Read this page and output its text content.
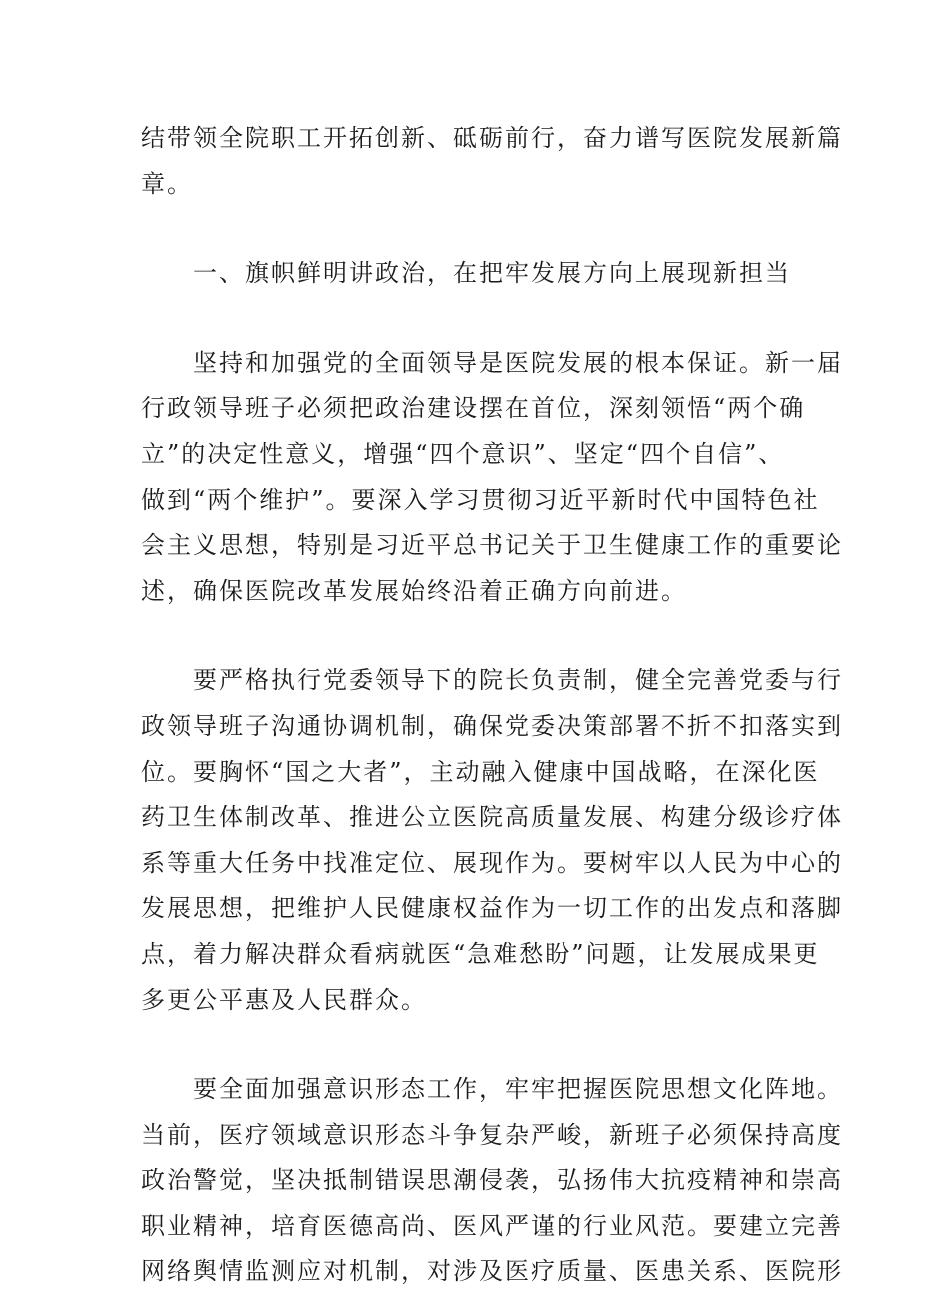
结带领全院职工开拓创新、砥砺前行，奋力谱写医院发展新篇
章。
一、旗帜鲜明讲政治，在把牢发展方向上展现新担当
坚持和加强党的全面领导是医院发展的根本保证。新一届
行政领导班子必须把政治建设摆在首位，深刻领悟“两个确
立”的决定性意义，增强“四个意识”、坚定“四个自信”、
做到“两个维护”。要深入学习贯彻习近平新时代中国特色社
会主义思想，特别是习近平总书记关于卫生健康工作的重要论
述，确保医院改革发展始终沿着正确方向前进。
要严格执行党委领导下的院长负责制，健全完善党委与行
政领导班子沟通协调机制，确保党委决策部署不折不扣落实到
位。要胸怀“国之大者”，主动融入健康中国战略，在深化医
药卫生体制改革、推进公立医院高质量发展、构建分级诊疗体
系等重大任务中找准定位、展现作为。要树牢以人民为中心的
发展思想，把维护人民健康权益作为一切工作的出发点和落脚
点，着力解决群众看病就医“急难愁盼”问题，让发展成果更
多更公平惠及人民群众。
要全面加强意识形态工作，牢牢把握医院思想文化阵地。
当前，医疗领域意识形态斗争复杂严峻，新班子必须保持高度
政治警觉，坚决抵制错误思潮侵袭，弘扬伟大抗疫精神和崇高
职业精神，培育医德高尚、医风严谨的行业风范。要建立完善
网络舆情监测应对机制，对涉及医疗质量、医患关系、医院形
